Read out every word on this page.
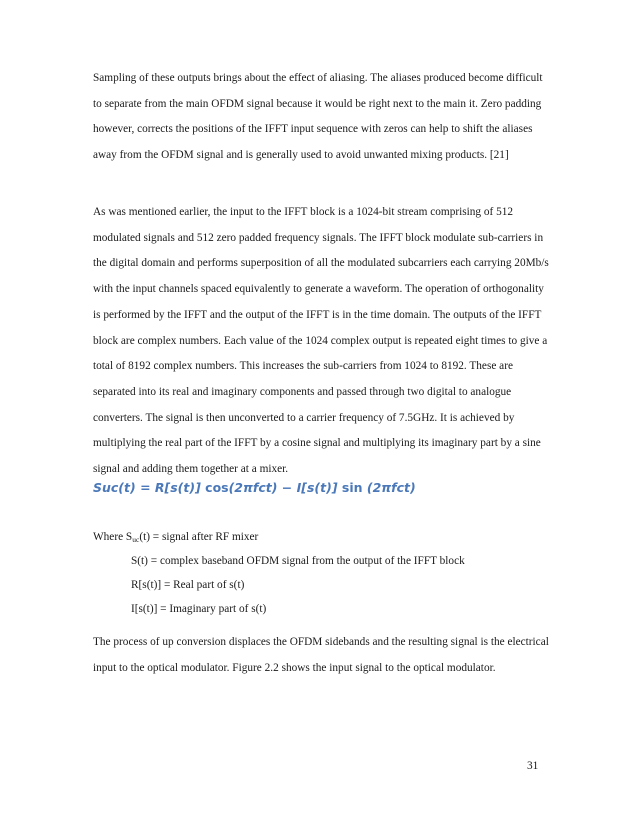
Sampling of these outputs brings about the effect of aliasing. The aliases produced become difficult to separate from the main OFDM signal because it would be right next to the main it. Zero padding however, corrects the positions of the IFFT input sequence with zeros can help to shift the aliases away from the OFDM signal and is generally used to avoid unwanted mixing products. [21]

As was mentioned earlier, the input to the IFFT block is a 1024-bit stream comprising of 512 modulated signals and 512 zero padded frequency signals. The IFFT block modulate sub-carriers in the digital domain and performs superposition of all the modulated subcarriers each carrying 20Mb/s with the input channels spaced equivalently to generate a waveform. The operation of orthogonality is performed by the IFFT and the output of the IFFT is in the time domain. The outputs of the IFFT block are complex numbers. Each value of the 1024 complex output is repeated eight times to give a total of 8192 complex numbers. This increases the sub-carriers from 1024 to 8192. These are separated into its real and imaginary components and passed through two digital to analogue converters. The signal is then unconverted to a carrier frequency of 7.5GHz. It is achieved by multiplying the real part of the IFFT by a cosine signal and multiplying its imaginary part by a sine signal and adding them together at a mixer.

Suc(t) = R[s(t)] cos(2πfct) − I[s(t)] sin (2πfct)

Where $S_{uc}(t)$ = signal after RF mixer

S(t) = complex baseband OFDM signal from the output of the IFFT block

R[s(t)] = Real part of s(t)

I[s(t)] = Imaginary part of s(t)

The process of up conversion displaces the OFDM sidebands and the resulting signal is the electrical input to the optical modulator. Figure 2.2 shows the input signal to the optical modulator.

31
